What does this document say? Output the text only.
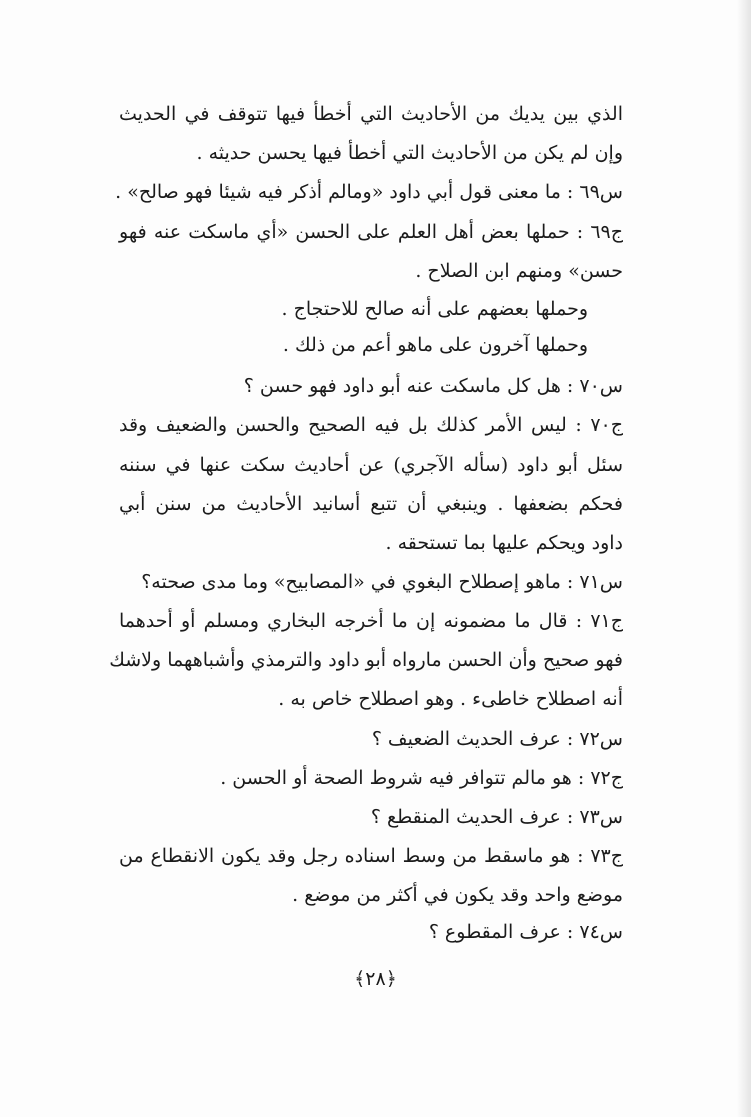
الذي بين يديك من الأحاديث التي أخطأ فيها تتوقف في الحديث
وإن لم يكن من الأحاديث التي أخطأ فيها يحسن حديثه .
س٦٩ : ما معنى قول أبي داود «ومالم أذكر فيه شيئا فهو صالح» .
ج٦٩ : حملها بعض أهل العلم على الحسن «أي ماسكت عنه فهو
حسن» ومنهم ابن الصلاح .
وحملها بعضهم على أنه صالح للاحتجاج .
وحملها آخرون على ماهو أعم من ذلك .
س٧٠ : هل كل ماسكت عنه أبو داود فهو حسن ؟
ج٧٠ : ليس الأمر كذلك بل فيه الصحيح والحسن والضعيف وقد
سئل أبو داود (سأله الآجري) عن أحاديث سكت عنها في سننه
فحكم بضعفها . وينبغي أن تتبع أسانيد الأحاديث من سنن أبي
داود ويحكم عليها بما تستحقه .
س٧١ : ماهو إصطلاح البغوي في «المصابيح» وما مدى صحته؟
ج٧١ : قال ما مضمونه إن ما أخرجه البخاري ومسلم أو أحدهما
فهو صحيح وأن الحسن مارواه أبو داود والترمذي وأشباههما ولاشك
أنه اصطلاح خاطىء . وهو اصطلاح خاص به .
س٧٢ : عرف الحديث الضعيف ؟
ج٧٢ : هو مالم تتوافر فيه شروط الصحة أو الحسن .
س٧٣ : عرف الحديث المنقطع ؟
ج٧٣ : هو ماسقط من وسط اسناده رجل وقد يكون الانقطاع من
موضع واحد وقد يكون في أكثر من موضع .
س٧٤ : عرف المقطوع ؟
﴿٢٨﴾
